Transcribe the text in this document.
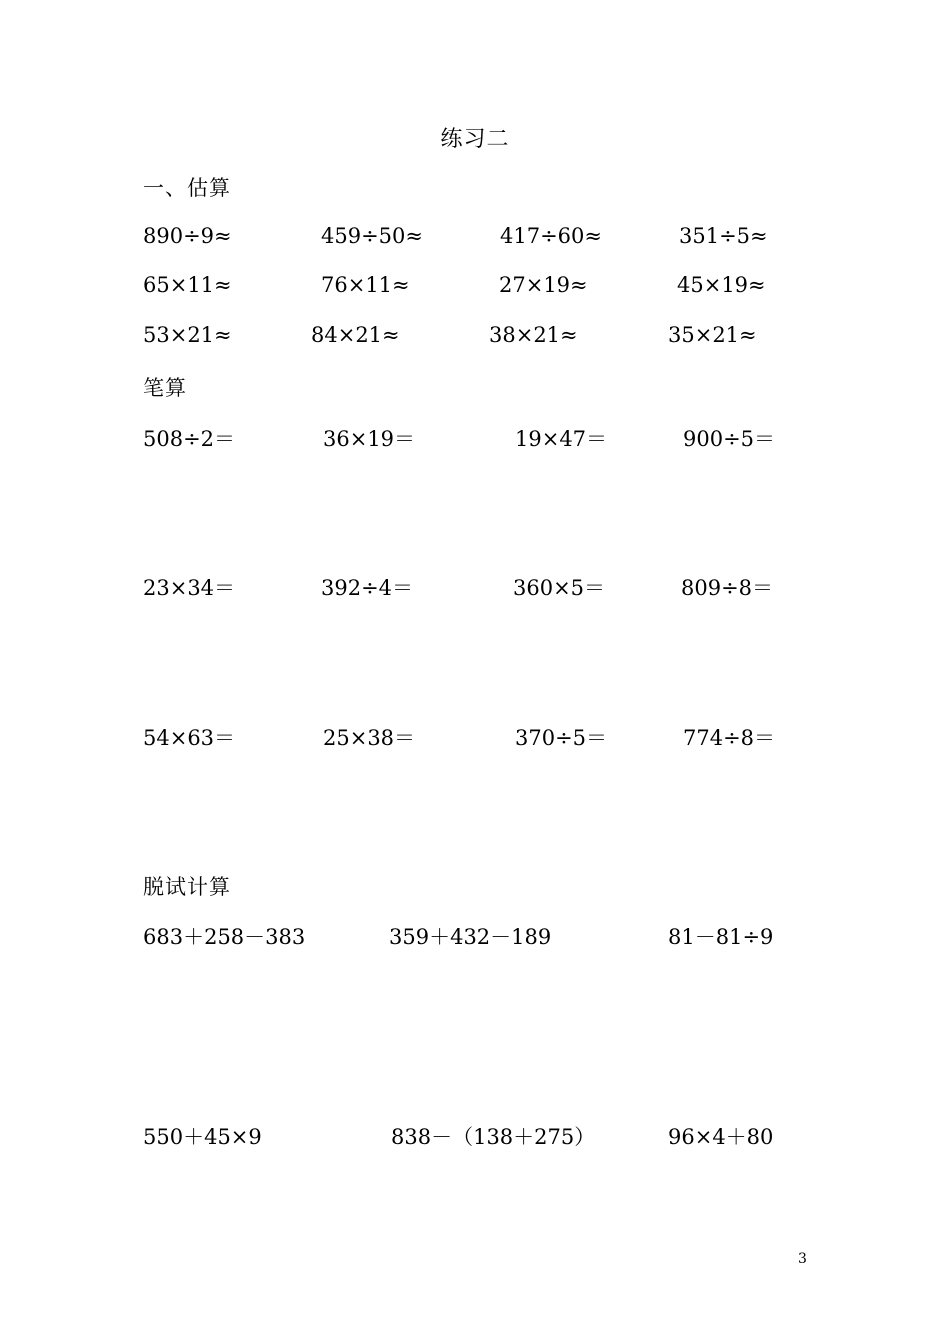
练习二
一、估算
890÷9≈	459÷50≈	417÷60≈	351÷5≈
65×11≈	76×11≈	27×19≈	45×19≈
53×21≈	84×21≈	38×21≈	35×21≈
笔算
508÷2＝	36×19＝	19×47＝	900÷5＝
23×34＝	392÷4＝	360×5＝	809÷8＝
54×63＝	25×38＝	370÷5＝	774÷8＝
脱试计算
683＋258－383	359＋432－189	81－81÷9
550＋45×9	838－（138＋275）	96×4＋80
3
